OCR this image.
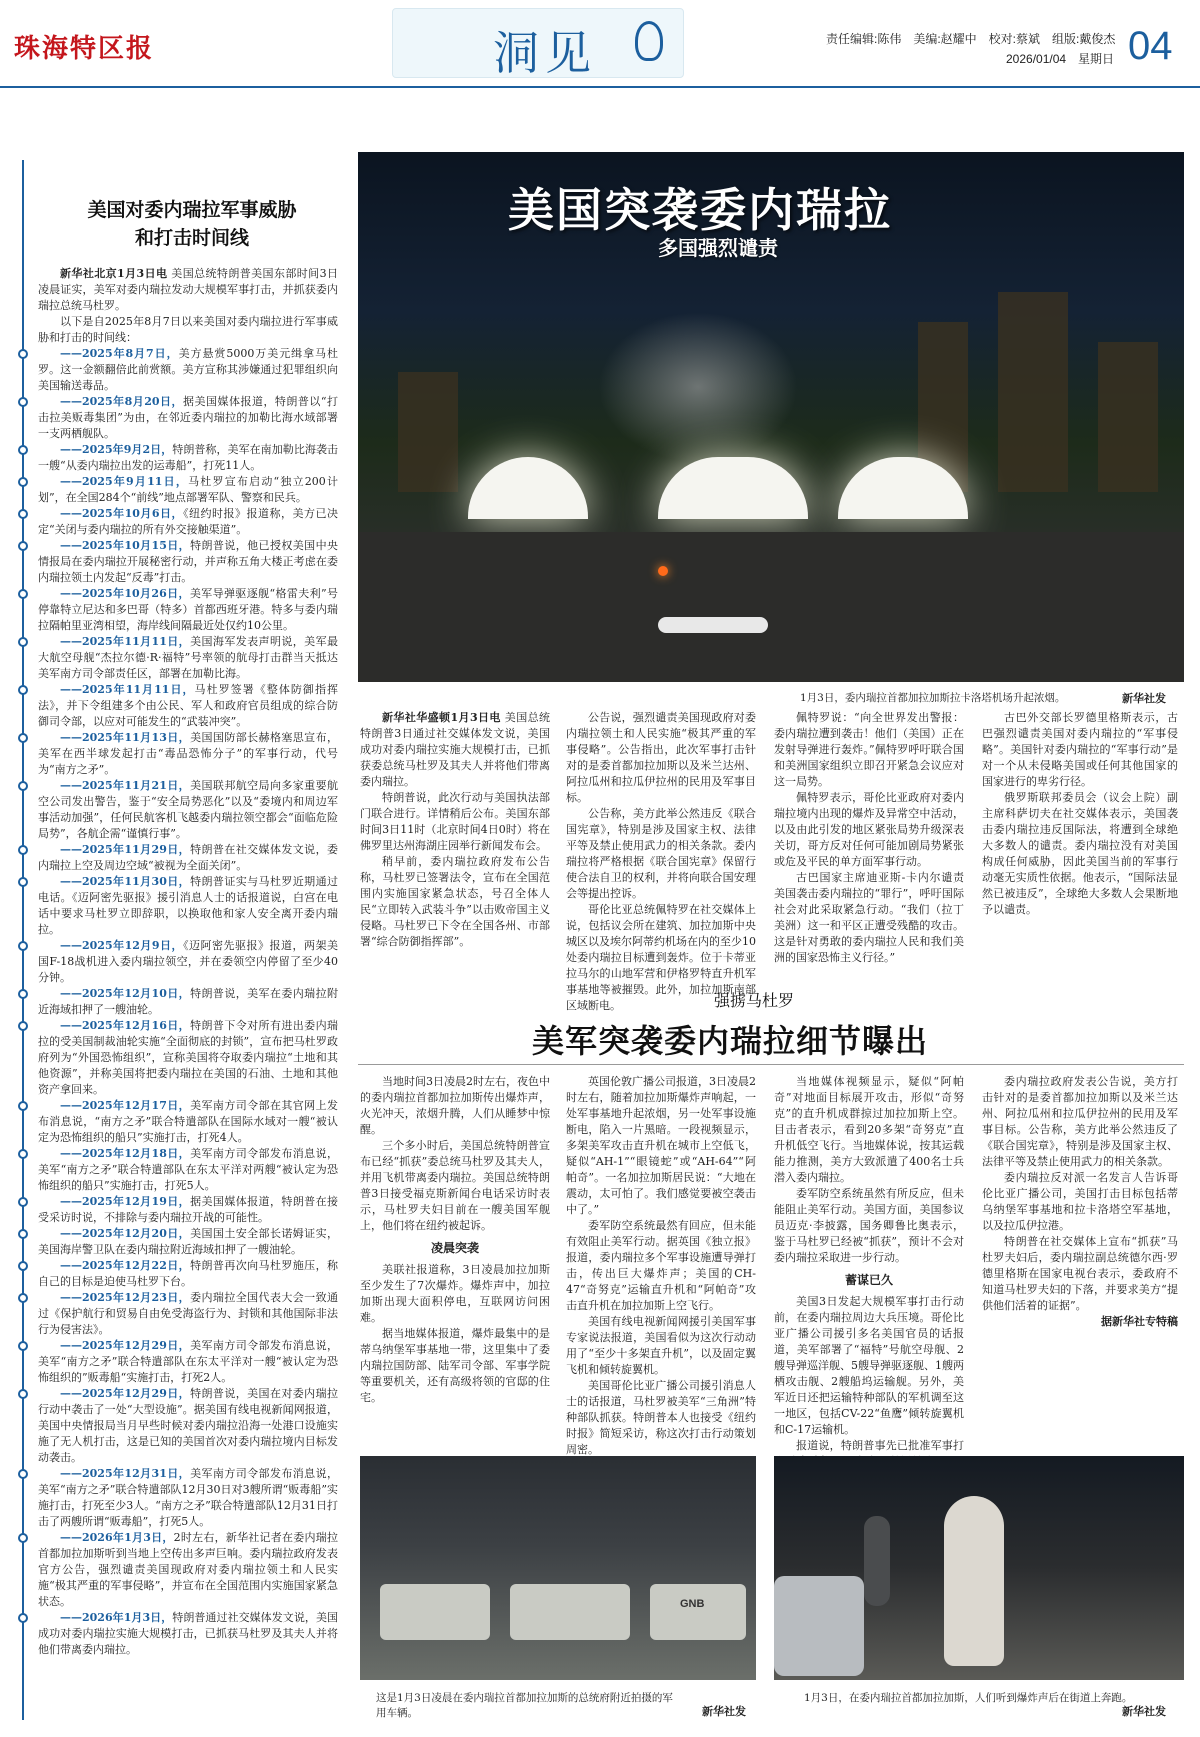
珠海特区报	洞见	责任编辑:陈伟　美编:赵耀中　校对:蔡斌　组版:戴俊杰
2026/01/04　星期日 04
美国对委内瑞拉军事威胁
和打击时间线

新华社北京1月3日电 美国总统特朗普美国东部时间3日凌晨证实，美军对委内瑞拉发动大规模军事打击，并抓获委内瑞拉总统马杜罗。

以下是自2025年8月7日以来美国对委内瑞拉进行军事威胁和打击的时间线：

——2025年8月7日，美方悬赏5000万美元缉拿马杜罗。这一金额翻倍此前赏额。美方宣称其涉嫌通过犯罪组织向美国输送毒品。

——2025年8月20日，据美国媒体报道，特朗普以“打击拉美贩毒集团”为由，在邻近委内瑞拉的加勒比海水域部署一支两栖舰队。

——2025年9月2日，特朗普称，美军在南加勒比海袭击一艘“从委内瑞拉出发的运毒船”，打死11人。

——2025年9月11日，马杜罗宣布启动“独立200计划”，在全国284个“前线”地点部署军队、警察和民兵。

——2025年10月6日，《纽约时报》报道称，美方已决定“关闭与委内瑞拉的所有外交接触渠道”。

——2025年10月15日，特朗普说，他已授权美国中央情报局在委内瑞拉开展秘密行动，并声称五角大楼正考虑在委内瑞拉领土内发起“反毒”打击。

——2025年10月26日，美军导弹驱逐舰“格雷夫利”号停靠特立尼达和多巴哥（特多）首都西班牙港。特多与委内瑞拉隔帕里亚湾相望，海岸线间隔最近处仅约10公里。

——2025年11月11日，美国海军发表声明说，美军最大航空母舰“杰拉尔德·R·福特”号率领的航母打击群当天抵达美军南方司令部责任区，部署在加勒比海。

——2025年11月11日，马杜罗签署《整体防御指挥法》，并下令组建多个由公民、军人和政府官员组成的综合防御司令部，以应对可能发生的“武装冲突”。

——2025年11月13日，美国国防部长赫格塞思宣布，美军在西半球发起打击“毒品恐怖分子”的军事行动，代号为“南方之矛”。

——2025年11月21日，美国联邦航空局向多家重要航空公司发出警告，鉴于“安全局势恶化”以及“委境内和周边军事活动加强”，任何民航客机飞越委内瑞拉领空都会“面临危险局势”，各航企需“谨慎行事”。

——2025年11月29日，特朗普在社交媒体发文说，委内瑞拉上空及周边空域“被视为全面关闭”。

——2025年11月30日，特朗普证实与马杜罗近期通过电话。《迈阿密先驱报》援引消息人士的话报道说，白宫在电话中要求马杜罗立即辞职，以换取他和家人安全离开委内瑞拉。

——2025年12月9日，《迈阿密先驱报》报道，两架美国F-18战机进入委内瑞拉领空，并在委领空内停留了至少40分钟。

——2025年12月10日，特朗普说，美军在委内瑞拉附近海域扣押了一艘油轮。

——2025年12月16日，特朗普下令对所有进出委内瑞拉的受美国制裁油轮实施“全面彻底的封锁”，宣布把马杜罗政府列为“外国恐怖组织”，宣称美国将夺取委内瑞拉“土地和其他资源”，并称美国将把委内瑞拉在美国的石油、土地和其他资产拿回来。

——2025年12月17日，美军南方司令部在其官网上发布消息说，“南方之矛”联合特遣部队在国际水域对一艘“被认定为恐怖组织的船只”实施打击，打死4人。

——2025年12月18日，美军南方司令部发布消息说，美军“南方之矛”联合特遣部队在东太平洋对两艘“被认定为恐怖组织的船只”实施打击，打死5人。

——2025年12月19日，据美国媒体报道，特朗普在接受采访时说，不排除与委内瑞拉开战的可能性。

——2025年12月20日，美国国土安全部长诺姆证实，美国海岸警卫队在委内瑞拉附近海域扣押了一艘油轮。

——2025年12月22日，特朗普再次向马杜罗施压，称自己的目标是迫使马杜罗下台。

——2025年12月23日，委内瑞拉全国代表大会一致通过《保护航行和贸易自由免受海盗行为、封锁和其他国际非法行为侵害法》。

——2025年12月29日，美军南方司令部发布消息说，美军“南方之矛”联合特遣部队在东太平洋对一艘“被认定为恐怖组织的”贩毒船“实施打击，打死2人。

——2025年12月29日，特朗普说，美国在对委内瑞拉行动中袭击了一处“大型设施”。据美国有线电视新闻网报道，美国中央情报局当月早些时候对委内瑞拉沿海一处港口设施实施了无人机打击，这是已知的美国首次对委内瑞拉境内目标发动袭击。

——2025年12月31日，美军南方司令部发布消息说，美军“南方之矛”联合特遣部队12月30日对3艘所谓“贩毒船”实施打击，打死至少3人。“南方之矛”联合特遣部队12月31日打击了两艘所谓“贩毒船”，打死5人。

——2026年1月3日，2时左右，新华社记者在委内瑞拉首都加拉加斯听到当地上空传出多声巨响。委内瑞拉政府发表官方公告，强烈谴责美国现政府对委内瑞拉领土和人民实施“极其严重的军事侵略”，并宣布在全国范围内实施国家紧急状态。

——2026年1月3日，特朗普通过社交媒体发文说，美国成功对委内瑞拉实施大规模打击，已抓获马杜罗及其夫人并将他们带离委内瑞拉。

美国突袭委内瑞拉
多国强烈谴责
1月3日，委内瑞拉首都加拉加斯拉卡洛塔机场升起浓烟。	新华社发

新华社华盛顿1月3日电 美国总统特朗普3日通过社交媒体发文说，美国成功对委内瑞拉实施大规模打击，已抓获委总统马杜罗及其夫人并将他们带离委内瑞拉。

特朗普说，此次行动与美国执法部门联合进行。详情稍后公布。美国东部时间3日11时（北京时间4日0时）将在佛罗里达州海湖庄园举行新闻发布会。

稍早前，委内瑞拉政府发布公告称，马杜罗已签署法令，宣布在全国范围内实施国家紧急状态，号召全体人民“立即转入武装斗争”以击败帝国主义侵略。马杜罗已下令在全国各州、市部署“综合防御指挥部”。

公告说，强烈谴责美国现政府对委内瑞拉领土和人民实施“极其严重的军事侵略”。公告指出，此次军事打击针对的是委首都加拉加斯以及米兰达州、阿拉瓜州和拉瓜伊拉州的民用及军事目标。

公告称，美方此举公然违反《联合国宪章》，特别是涉及国家主权、法律平等及禁止使用武力的相关条款。委内瑞拉将严格根据《联合国宪章》保留行使合法自卫的权利，并将向联合国安理会等提出控诉。

哥伦比亚总统佩特罗在社交媒体上说，包括议会所在建筑、加拉加斯中央城区以及埃尔阿蒂约机场在内的至少10处委内瑞拉目标遭到轰炸。位于卡蒂亚拉马尔的山地军营和伊格罗特直升机军事基地等被摧毁。此外，加拉加斯南部区域断电。

佩特罗说：“向全世界发出警报：委内瑞拉遭到袭击！他们（美国）正在发射导弹进行轰炸。”佩特罗呼吁联合国和美洲国家组织立即召开紧急会议应对这一局势。

佩特罗表示，哥伦比亚政府对委内瑞拉境内出现的爆炸及异常空中活动，以及由此引发的地区紧张局势升级深表关切，哥方反对任何可能加剧局势紧张或危及平民的单方面军事行动。

古巴国家主席迪亚斯-卡内尔谴责美国袭击委内瑞拉的“罪行”，呼吁国际社会对此采取紧急行动。“我们（拉丁美洲）这一和平区正遭受残酷的攻击。这是针对勇敢的委内瑞拉人民和我们美洲的国家恐怖主义行径。”

古巴外交部长罗德里格斯表示，古巴强烈谴责美国对委内瑞拉的“军事侵略”。美国针对委内瑞拉的“军事行动”是对一个从未侵略美国或任何其他国家的国家进行的卑劣行径。

俄罗斯联邦委员会（议会上院）副主席科萨切夫在社交媒体表示，美国袭击委内瑞拉违反国际法，将遭到全球绝大多数人的谴责。委内瑞拉没有对美国构成任何威胁，因此美国当前的军事行动毫无实质性依据。他表示，“国际法显然已被违反”，全球绝大多数人会果断地予以谴责。

强掳马杜罗
美军突袭委内瑞拉细节曝出

当地时间3日凌晨2时左右，夜色中的委内瑞拉首都加拉加斯传出爆炸声，火光冲天，浓烟升腾，人们从睡梦中惊醒。

三个多小时后，美国总统特朗普宣布已经“抓获”委总统马杜罗及其夫人，并用飞机带离委内瑞拉。美国总统特朗普3日接受福克斯新闻台电话采访时表示，马杜罗夫妇目前在一艘美国军舰上，他们将在纽约被起诉。

凌晨突袭

美联社报道称，3日凌晨加拉加斯至少发生了7次爆炸。爆炸声中，加拉加斯出现大面积停电，互联网访问困难。

据当地媒体报道，爆炸最集中的是蒂乌纳堡军事基地一带，这里集中了委内瑞拉国防部、陆军司令部、军事学院等重要机关，还有高级将领的官邸的住宅。

英国伦敦广播公司报道，3日凌晨2时左右，随着加拉加斯爆炸声响起，一处军事基地升起浓烟，另一处军事设施断电，陷入一片黑暗。一段视频显示，多架美军攻击直升机在城市上空低飞，疑似“AH-1”“眼镜蛇”或“AH-64”“阿帕奇”。一名加拉加斯居民说：“大地在震动，太可怕了。我们感觉要被空袭击中了。”

委军防空系统最然有回应，但未能有效阻止美军行动。据英国《独立报》报道，委内瑞拉多个军事设施遭导弹打击，传出巨大爆炸声；美国的CH-47“奇努克”运输直升机和“阿帕奇”攻击直升机在加拉加斯上空飞行。

美国有线电视新闻网援引美国军事专家说法报道，美国看似为这次行动动用了“至少十多架直升机”，以及固定翼飞机和倾转旋翼机。

美国哥伦比亚广播公司援引消息人士的话报道，马杜罗被美军“三角洲”特种部队抓获。特朗普本人也接受《纽约时报》简短采访，称这次打击行动策划周密。

当地媒体视频显示，疑似“阿帕奇”对地面目标展开攻击，形似“奇努克”的直升机成群掠过加拉加斯上空。目击者表示，看到20多架“奇努克”直升机低空飞行。当地媒体说，按其运载能力推测，美方大致派遣了400名士兵潜入委内瑞拉。

委军防空系统虽然有所反应，但未能阻止美军行动。美国方面，美国参议员迈克·李披露，国务卿鲁比奥表示，鉴于马杜罗已经被“抓获”，预计不会对委内瑞拉采取进一步行动。

蓄谋已久

美国3日发起大规模军事打击行动前，在委内瑞拉周边大兵压境。哥伦比亚广播公司援引多名美国官员的话报道，美军部署了“福特”号航空母舰、2艘导弹巡洋舰、5艘导弹驱逐舰、1艘两栖攻击舰、2艘船坞运输舰。另外，美军近日还把运输特种部队的军机调至这一地区，包括CV-22“鱼鹰”倾转旋翼机和C-17运输机。

报道说，特朗普事先已批准军事打

委内瑞拉政府发表公告说，美方打击针对的是委首都加拉加斯以及米兰达州、阿拉瓜州和拉瓜伊拉州的民用及军事目标。公告称，美方此举公然违反了《联合国宪章》，特别是涉及国家主权、法律平等及禁止使用武力的相关条款。

委内瑞拉反对派一名发言人告诉哥伦比亚广播公司，美国打击目标包括蒂乌纳堡军事基地和拉卡洛塔空军基地，以及拉瓜伊拉港。

特朗普在社交媒体上宣布“抓获”马杜罗夫妇后，委内瑞拉副总统德尔西·罗德里格斯在国家电视台表示，委政府不知道马杜罗夫妇的下落，并要求美方“提供他们活着的证据”。

据新华社专特稿

GNB
这是1月3日凌晨在委内瑞拉首都加拉加斯的总统府附近拍摄的军用车辆。	新华社发
1月3日，在委内瑞拉首都加拉加斯，人们听到爆炸声后在街道上奔跑。
新华社发
